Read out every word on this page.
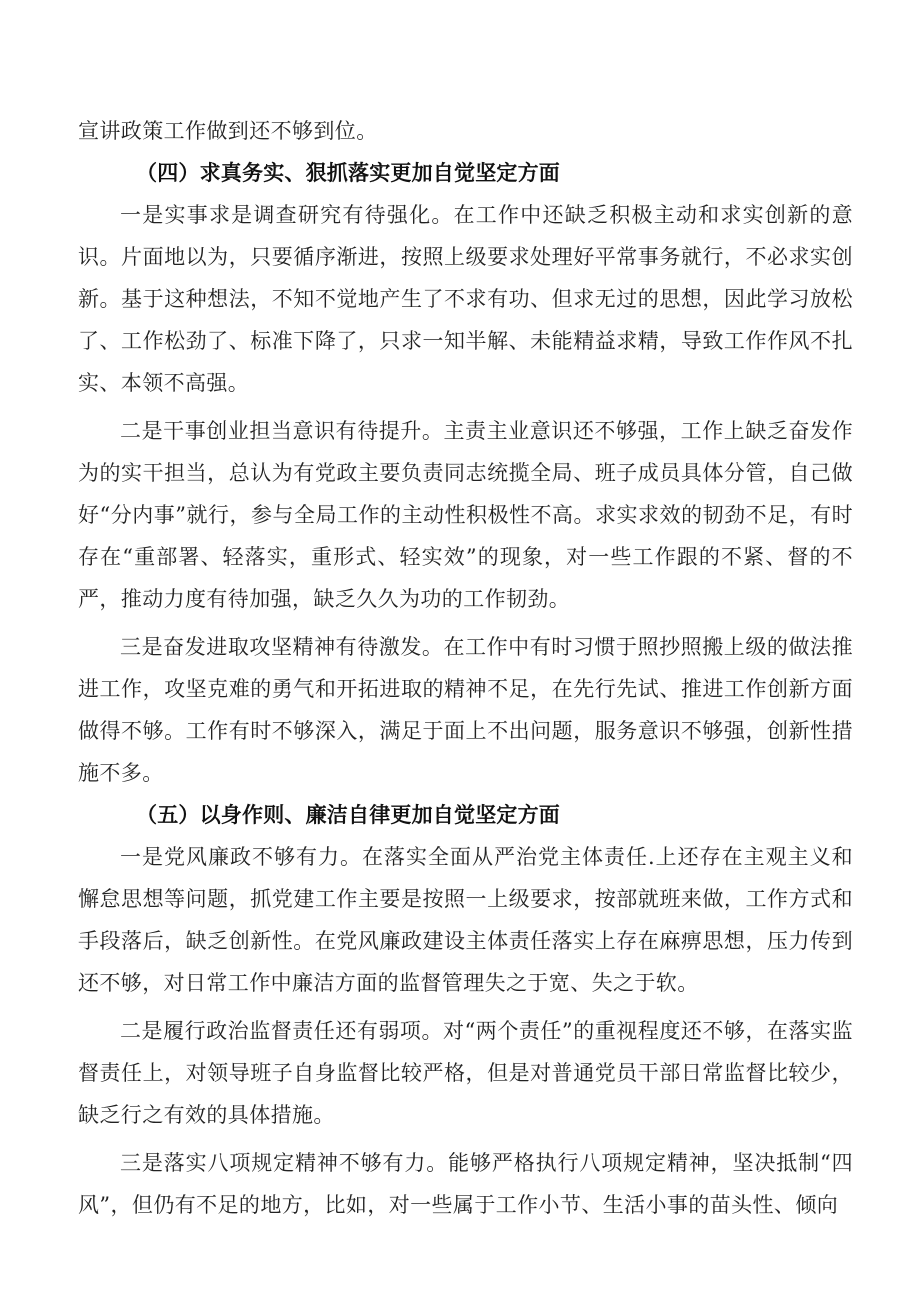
宣讲政策工作做到还不够到位。

（四）求真务实、狠抓落实更加自觉坚定方面

一是实事求是调查研究有待强化。在工作中还缺乏积极主动和求实创新的意识。片面地以为，只要循序渐进，按照上级要求处理好平常事务就行，不必求实创新。基于这种想法，不知不觉地产生了不求有功、但求无过的思想，因此学习放松了、工作松劲了、标准下降了，只求一知半解、未能精益求精，导致工作作风不扎实、本领不高强。

二是干事创业担当意识有待提升。主责主业意识还不够强，工作上缺乏奋发作为的实干担当，总认为有党政主要负责同志统揽全局、班子成员具体分管，自己做好“分内事”就行，参与全局工作的主动性积极性不高。求实求效的韧劲不足，有时存在“重部署、轻落实，重形式、轻实效”的现象，对一些工作跟的不紧、督的不严，推动力度有待加强，缺乏久久为功的工作韧劲。

三是奋发进取攻坚精神有待激发。在工作中有时习惯于照抄照搬上级的做法推进工作，攻坚克难的勇气和开拓进取的精神不足，在先行先试、推进工作创新方面做得不够。工作有时不够深入，满足于面上不出问题，服务意识不够强，创新性措施不多。

（五）以身作则、廉洁自律更加自觉坚定方面

一是党风廉政不够有力。在落实全面从严治党主体责任.上还存在主观主义和懈怠思想等问题，抓党建工作主要是按照一上级要求，按部就班来做，工作方式和手段落后，缺乏创新性。在党风廉政建设主体责任落实上存在麻痹思想，压力传到还不够，对日常工作中廉洁方面的监督管理失之于宽、失之于软。

二是履行政治监督责任还有弱项。对“两个责任”的重视程度还不够，在落实监督责任上，对领导班子自身监督比较严格，但是对普通党员干部日常监督比较少，缺乏行之有效的具体措施。

三是落实八项规定精神不够有力。能够严格执行八项规定精神，坚决抵制“四风”，但仍有不足的地方，比如，对一些属于工作小节、生活小事的苗头性、倾向
